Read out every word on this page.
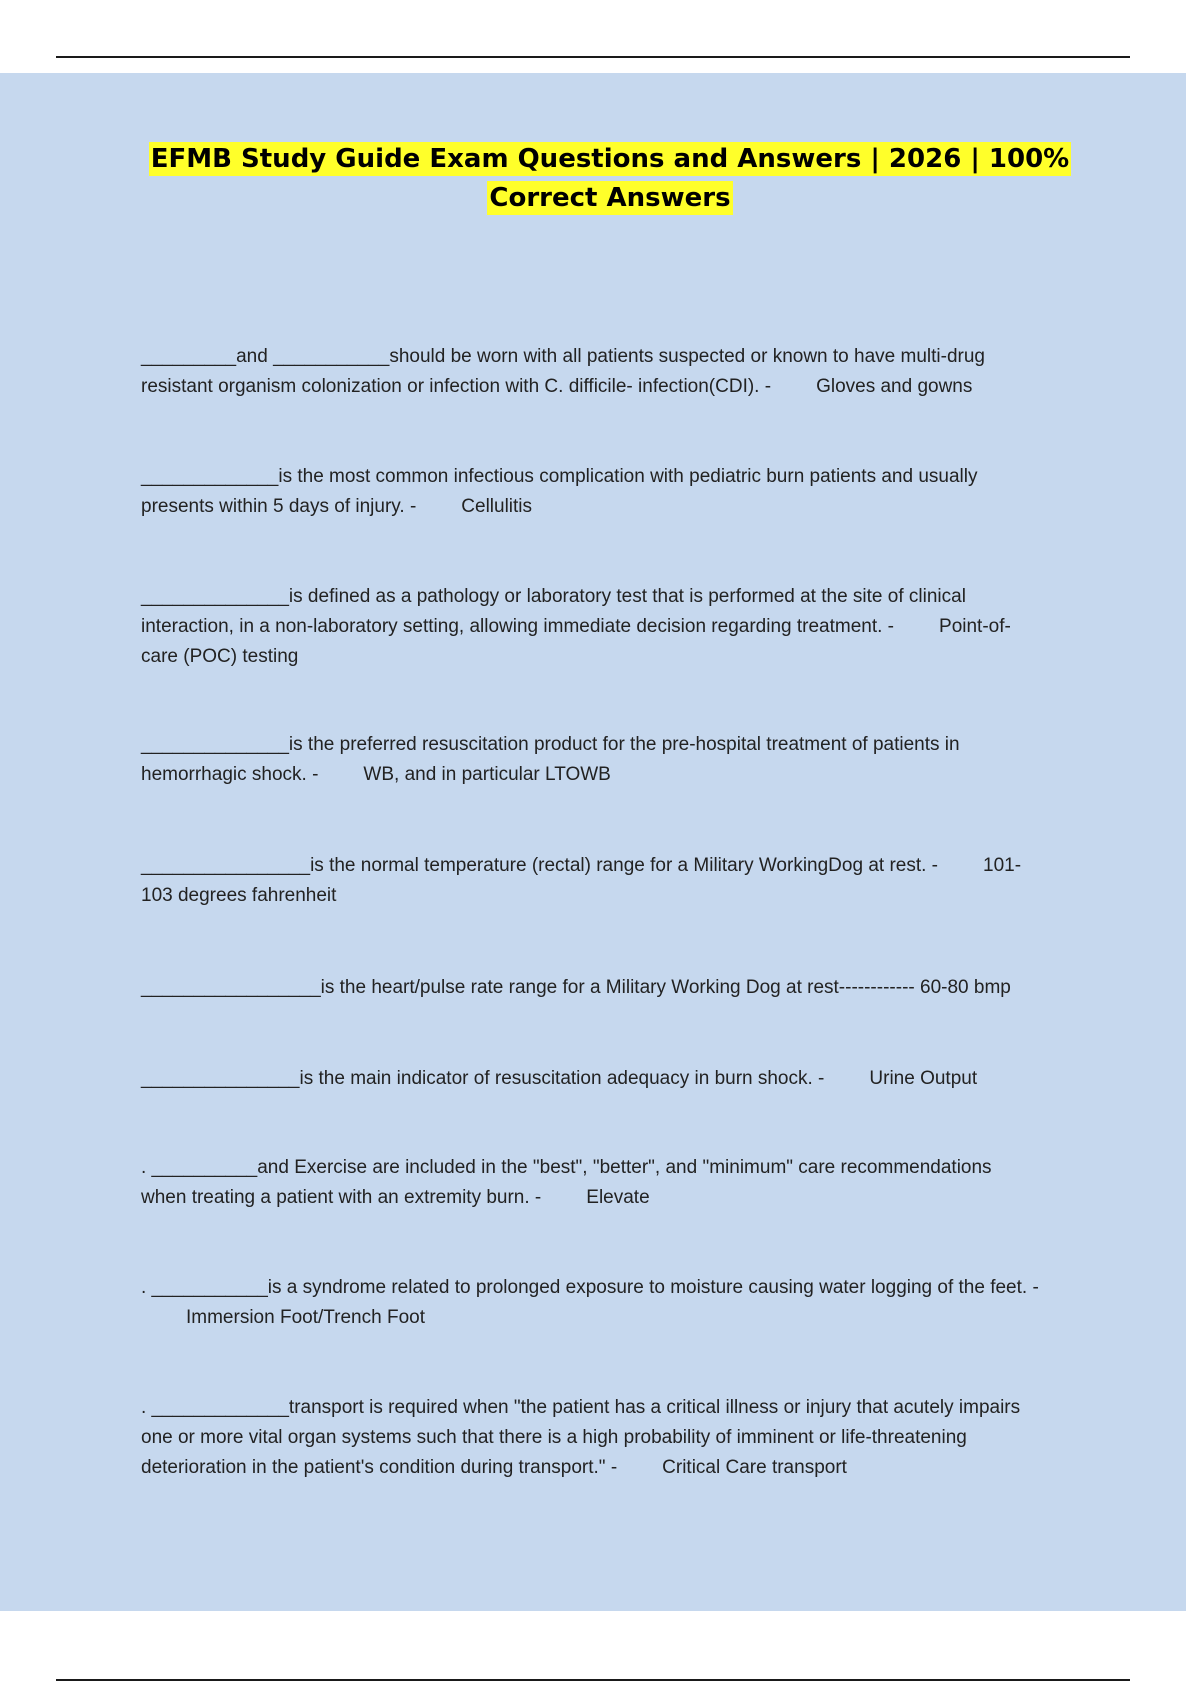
EFMB Study Guide Exam Questions and Answers | 2026 | 100%
Correct Answers
_________and ___________should be worn with all patients suspected or known to have multi-drug resistant organism colonization or infection with C. difficile- infection(CDI). - Gloves and gowns
_____________is the most common infectious complication with pediatric burn patients and usually presents within 5 days of injury. - Cellulitis
______________is defined as a pathology or laboratory test that is performed at the site of clinical interaction, in a non-laboratory setting, allowing immediate decision regarding treatment. - Point-of-care (POC) testing
______________is the preferred resuscitation product for the pre-hospital treatment of patients in hemorrhagic shock. - WB, and in particular LTOWB
________________is the normal temperature (rectal) range for a Military WorkingDog at rest. - 101-103 degrees fahrenheit
_________________is the heart/pulse rate range for a Military Working Dog at rest------------ 60-80 bmp
_______________is the main indicator of resuscitation adequacy in burn shock. - Urine Output
. __________and Exercise are included in the "best", "better", and "minimum" care recommendations when treating a patient with an extremity burn. - Elevate
. ___________is a syndrome related to prolonged exposure to moisture causing water logging of the feet. -Immersion Foot/Trench Foot
. _____________transport is required when "the patient has a critical illness or injury that acutely impairs one or more vital organ systems such that there is a high probability of imminent or life-threatening deterioration in the patient's condition during transport." - Critical Care transport
